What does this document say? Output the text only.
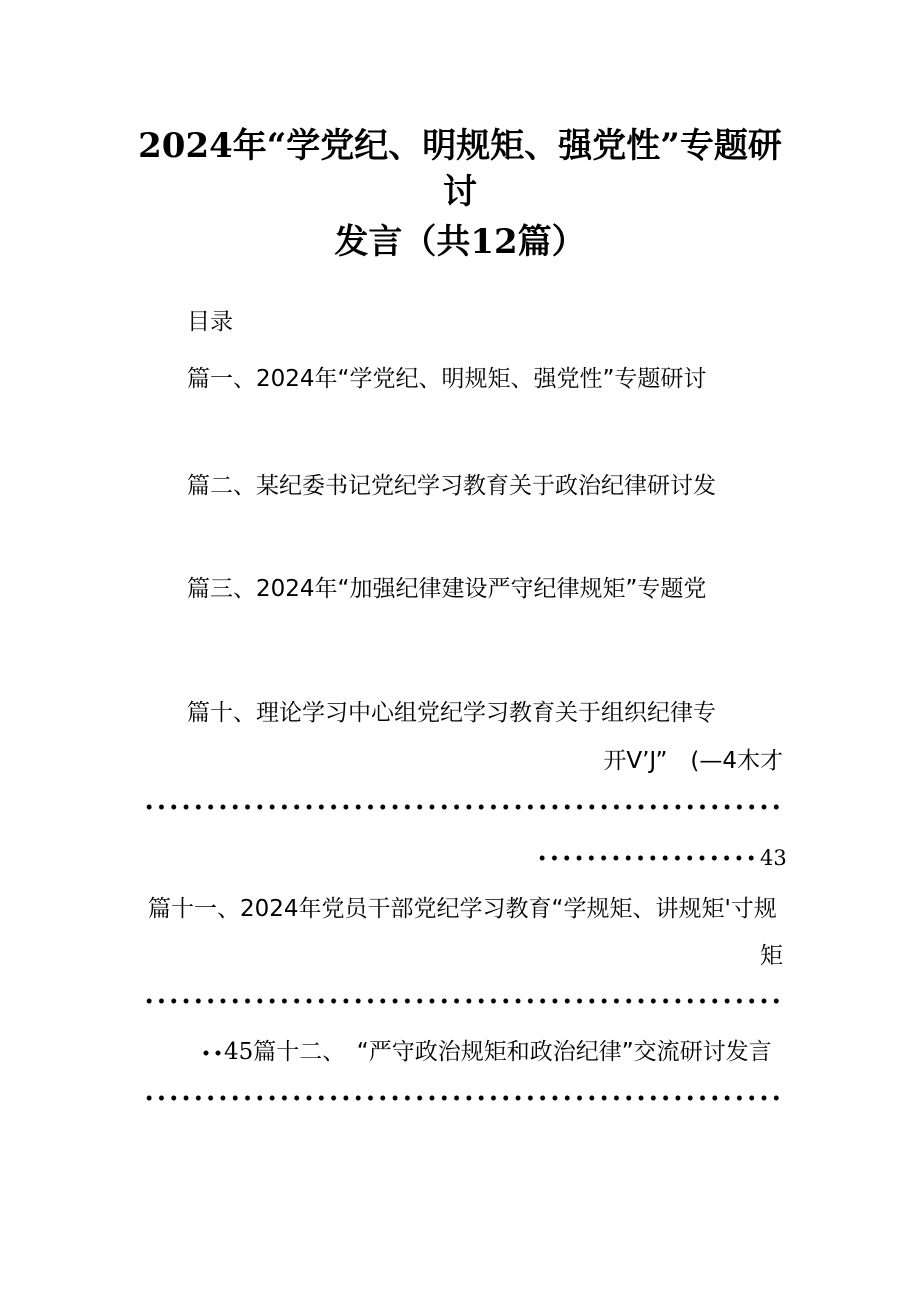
2024年“学党纪、明规矩、强党性”专题研
讨
发言（共12篇）
目录
篇一、2024年“学党纪、明规矩、强党性”专题研讨
篇二、某纪委书记党纪学习教育关于政治纪律研讨发
篇三、2024年“加强纪律建设严守纪律规矩”专题党
篇十、理论学习中心组党纪学习教育关于组织纪律专
开V’J”　(—4木才
43
篇十一、2024年党员干部党纪学习教育“学规矩、讲规矩'寸规
矩
45篇十二、　“严守政治规矩和政治纪律”交流研讨发言
